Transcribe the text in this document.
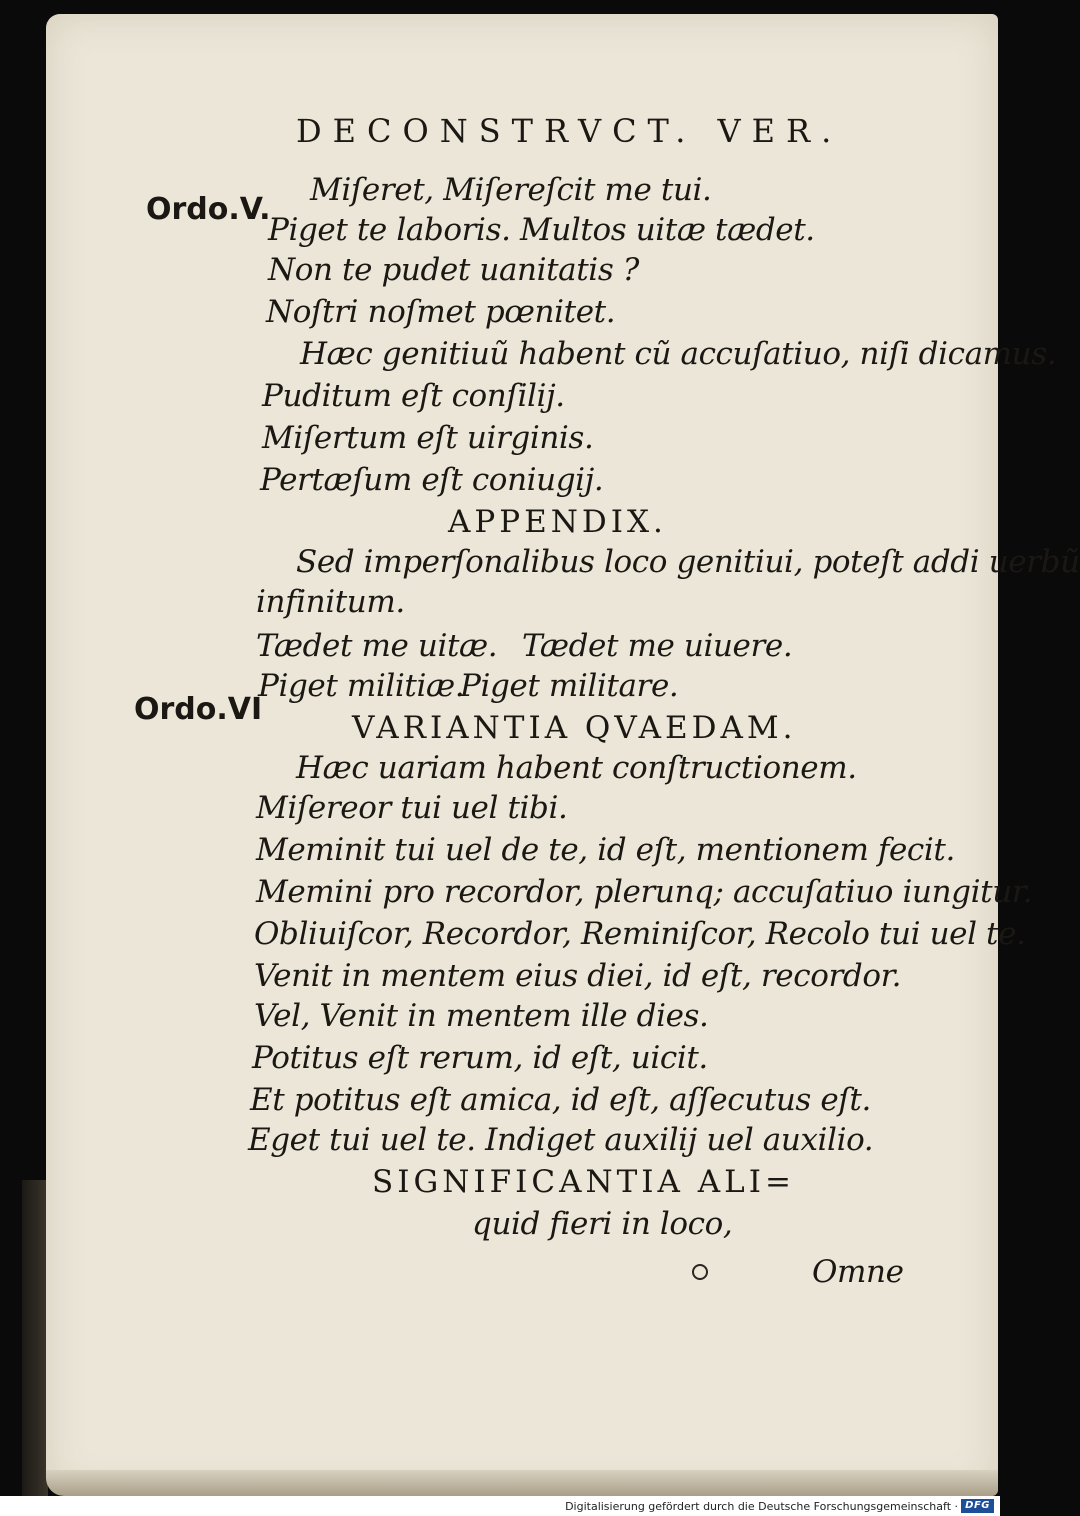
DECONSTRVCT. VER.
Ordo.V.
Ordo.VI
Miſeret, Miſereſcit me tui.
Piget te laboris. Multos uitæ tædet.
Non te pudet uanitatis ?
Noſtri noſmet pœnitet.
Hæc genitiuũ habent cũ accuſatiuo, niſi dicamus.
Puditum eſt conſilij.
Miſertum eſt uirginis.
Pertæſum eſt coniugij.
APPENDIX.
Sed imperſonalibus loco genitiui, poteſt addi uerbũ
infinitum.
Tædet me uitæ. Tædet me uiuere.
Piget militiæ.
Piget militare.
VARIANTIA QVAEDAM.
Hæc uariam habent conſtructionem.
Miſereor tui uel tibi.
Meminit tui uel de te, id eſt, mentionem fecit.
Memini pro recordor, plerunq; accuſatiuo iungitur.
Obliuiſcor, Recordor, Reminiſcor, Recolo tui uel te.
Venit in mentem eius diei, id eſt, recordor.
Vel, Venit in mentem ille dies.
Potitus eſt rerum, id eſt, uicit.
Et potitus eſt amica, id eſt, aſſecutus eſt.
Eget tui uel te. Indiget auxilij uel auxilio.
SIGNIFICANTIA ALI=
quid fieri in loco,
Omne
Digitalisierung gefördert durch die Deutsche Forschungsgemeinschaft · DFG
